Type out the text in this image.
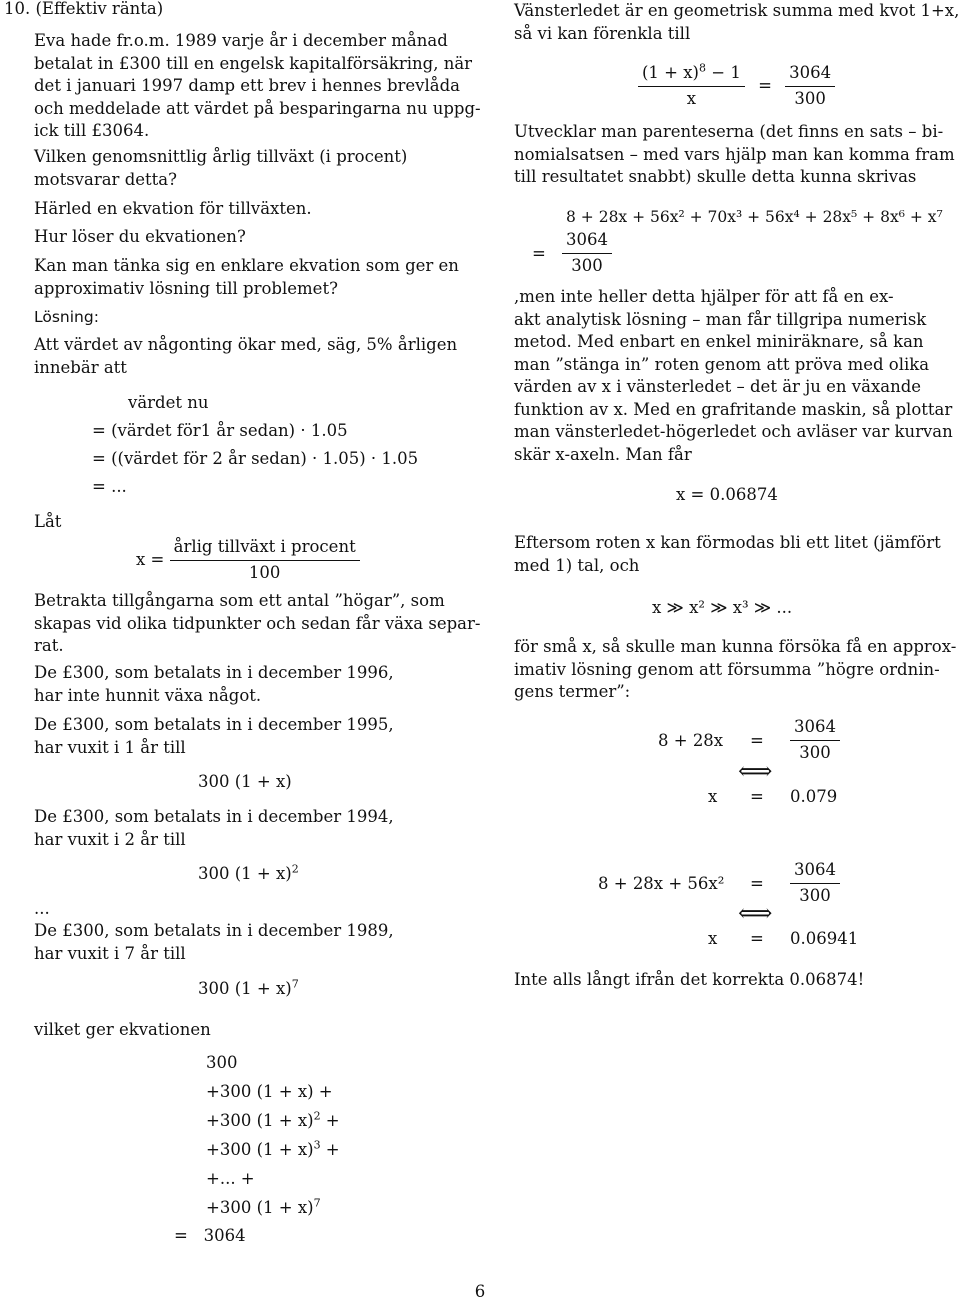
10. (Effektiv ränta)

Eva hade fr.o.m. 1989 varje år i december månad

betalat in £300 till en engelsk kapitalförsäkring, när

det i januari 1997 damp ett brev i hennes brevlåda

och meddelade att värdet på besparingarna nu uppg-

ick till £3064.

Vilken genomsnittlig årlig tillväxt (i procent)

motsvarar detta?

Härled en ekvation för tillväxten.

Hur löser du ekvationen?

Kan man tänka sig en enklare ekvation som ger en

approximativ lösning till problemet?

Lösning:

Att värdet av någonting ökar med, säg, 5% årligen

innebär att

värdet nu

= (värdet för1 år sedan) · 1.05

= ((värdet för 2 år sedan) · 1.05) · 1.05

= ...

Låt

$x = \frac{\text{årlig tillväxt i procent}}{100}$

Betrakta tillgångarna som ett antal ”högar”, som

skapas vid olika tidpunkter och sedan får växa separ-

rat.

De £300, som betalats in i december 1996,

har inte hunnit växa något.

De £300, som betalats in i december 1995,

har vuxit i 1 år till

300 (1 + x)

De £300, som betalats in i december 1994,

har vuxit i 2 år till

300 $(1 + x)^2$

...

De £300, som betalats in i december 1989,

har vuxit i 7 år till

300 $(1 + x)^7$

vilket ger ekvationen

300

+300 (1 + x) +

+300 $(1 + x)^2$ +

+300 $(1 + x)^3$ +

+... +

+300 $(1 + x)^7$

= 3064

Vänsterledet är en geometrisk summa med kvot 1+x,

så vi kan förenkla till

$\frac{(1 + x)^8 - 1}{x} = \frac{3064}{300}$

Utvecklar man parenteserna (det finns en sats – bi-

nomialsatsen – med vars hjälp man kan komma fram

till resultatet snabbt) skulle detta kunna skrivas

8 + 28x + 56x² + 70x³ + 56x⁴ + 28x⁵ + 8x⁶ + x⁷

= $\frac{3064}{300}$

,men inte heller detta hjälper för att få en ex-

akt analytisk lösning – man får tillgripa numerisk

metod. Med enbart en enkel miniräknare, så kan

man ”stänga in” roten genom att pröva med olika

värden av x i vänsterledet – det är ju en växande

funktion av x. Med en grafritande maskin, så plottar

man vänsterledet-högerledet och avläser var kurvan

skär x-axeln. Man får

x = 0.06874

Eftersom roten x kan förmodas bli ett litet (jämfört

med 1) tal, och

x ≫ x² ≫ x³ ≫ ...

för små x, så skulle man kunna försöka få en approx-

imativ lösning genom att försumma ”högre ordnin-

gens termer”:

$8 + 28x = \frac{3064}{300}$

⟺

x = 0.079

$8 + 28x + 56x^2 = \frac{3064}{300}$

⟺

x = 0.06941

Inte alls långt ifrån det korrekta 0.06874!

6
